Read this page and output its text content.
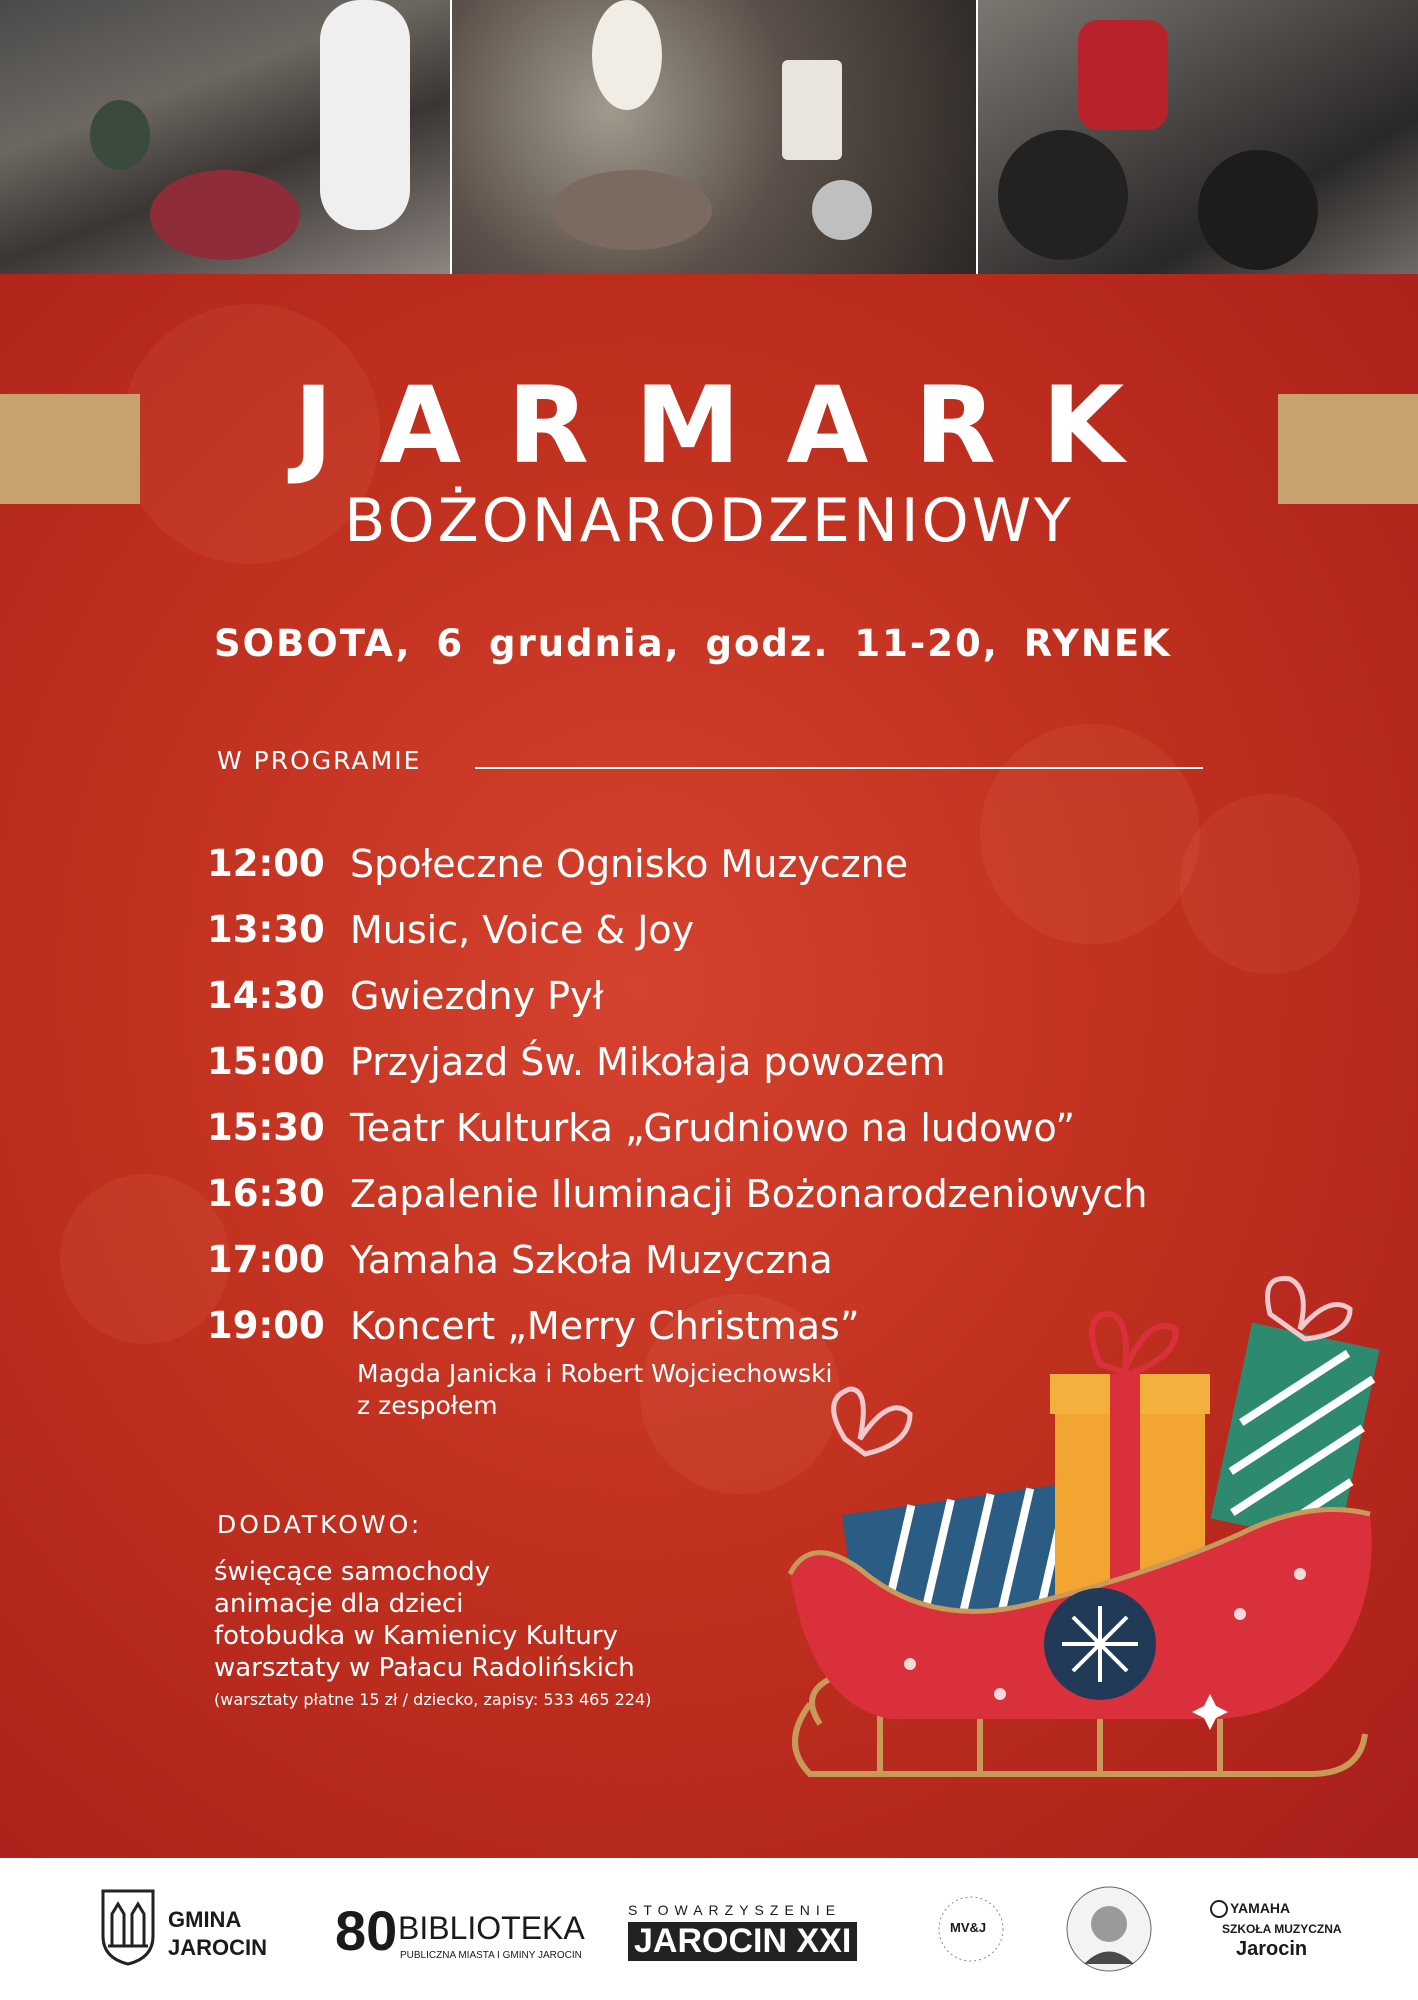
JARMARK
BOŻONARODZENIOWY
SOBOTA, 6 grudnia, godz. 11-20, RYNEK
W PROGRAMIE
12:00 Społeczne Ognisko Muzyczne
13:30 Music, Voice & Joy
14:30 Gwiezdny Pył
15:00 Przyjazd Św. Mikołaja powozem
15:30 Teatr Kulturka „Grudniowo na ludowo”
16:30 Zapalenie Iluminacji Bożonarodzeniowych
17:00 Yamaha Szkoła Muzyczna
19:00 Koncert „Merry Christmas”
Magda Janicka i Robert Wojciechowski
z zespołem
DODATKOWO:
święcące samochody
animacje dla dzieci
fotobudka w Kamienicy Kultury
warsztaty w Pałacu Radolińskich
(warsztaty płatne 15 zł / dziecko, zapisy: 533 465 224)
GMINA
JAROCIN 80 BIBLIOTEKA
PUBLICZNA MIASTA I GMINY JAROCIN
STOWARZYSZENIE
JAROCIN XXI	MV&J
YAMAHA
SZKOŁA MUZYCZNA
Jarocin
